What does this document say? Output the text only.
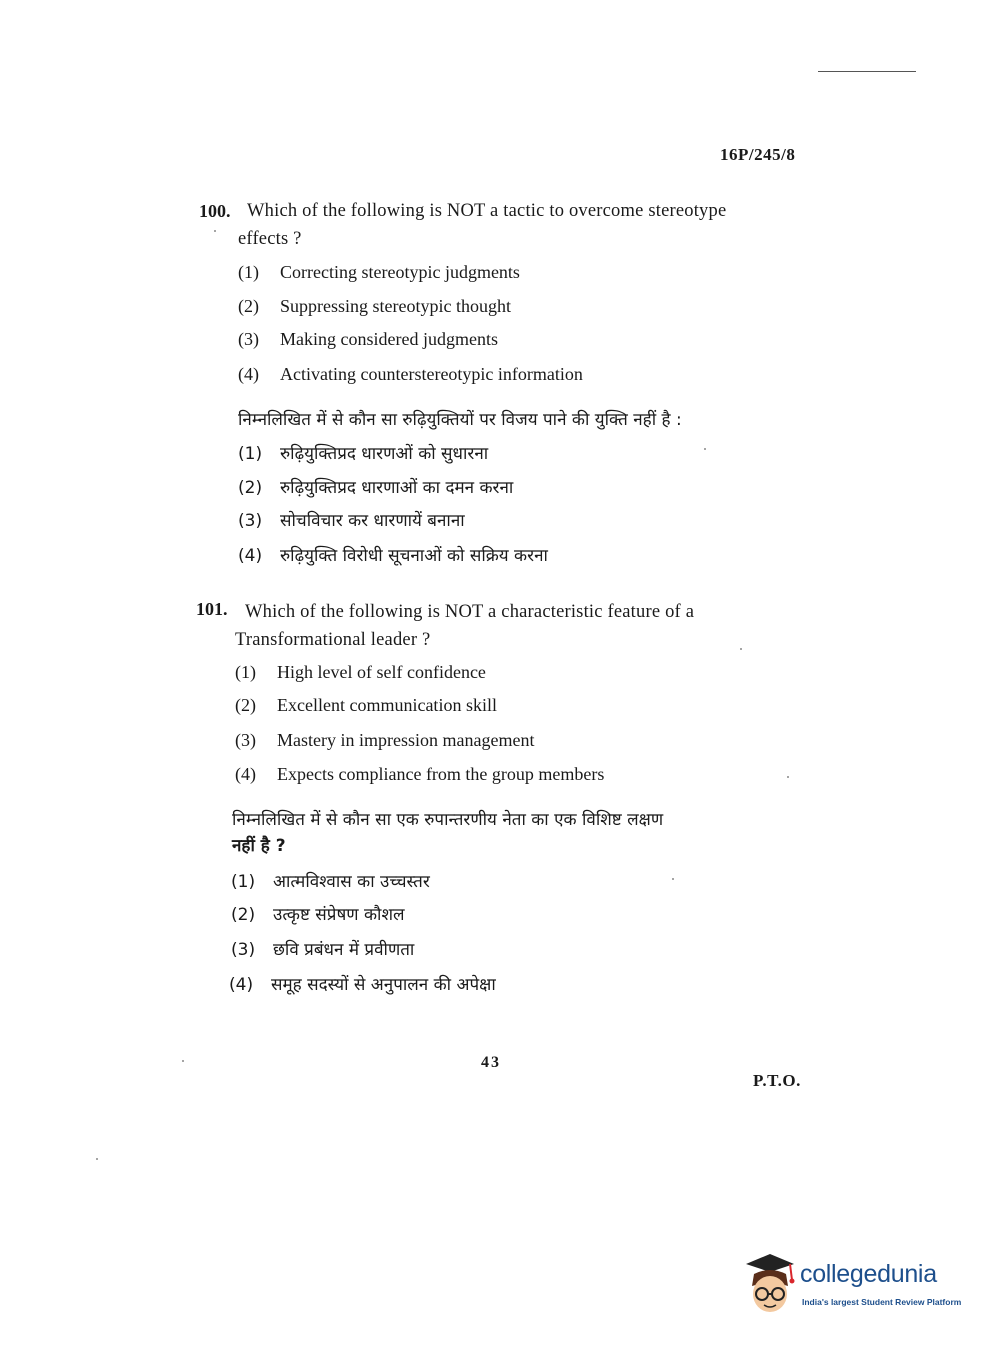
16P/245/8
100. Which of the following is NOT a tactic to overcome stereotype
effects ?
(1) Correcting stereotypic judgments
(2) Suppressing stereotypic thought
(3) Making considered judgments
(4) Activating counterstereotypic information
निम्नलिखित में से कौन सा रुढ़ियुक्तियों पर विजय पाने की युक्ति नहीं है :
(1) रुढ़ियुक्तिप्रद धारणओं को सुधारना
(2) रुढ़ियुक्तिप्रद धारणाओं का दमन करना
(3) सोचविचार कर धारणायें बनाना
(4) रुढ़ियुक्ति विरोधी सूचनाओं को सक्रिय करना
101. Which of the following is NOT a characteristic feature of a
Transformational leader ?
(1) High level of self confidence
(2) Excellent communication skill
(3) Mastery in impression management
(4) Expects compliance from the group members
निम्नलिखित में से कौन सा एक रुपान्तरणीय नेता का एक विशिष्ट लक्षण
नहीं है ?
(1) आत्मविश्वास का उच्चस्तर
(2) उत्कृष्ट संप्रेषण कौशल
(3) छवि प्रबंधन में प्रवीणता
(4) समूह सदस्यों से अनुपालन की अपेक्षा
43
P.T.O.
collegedunia
India's largest Student Review Platform
